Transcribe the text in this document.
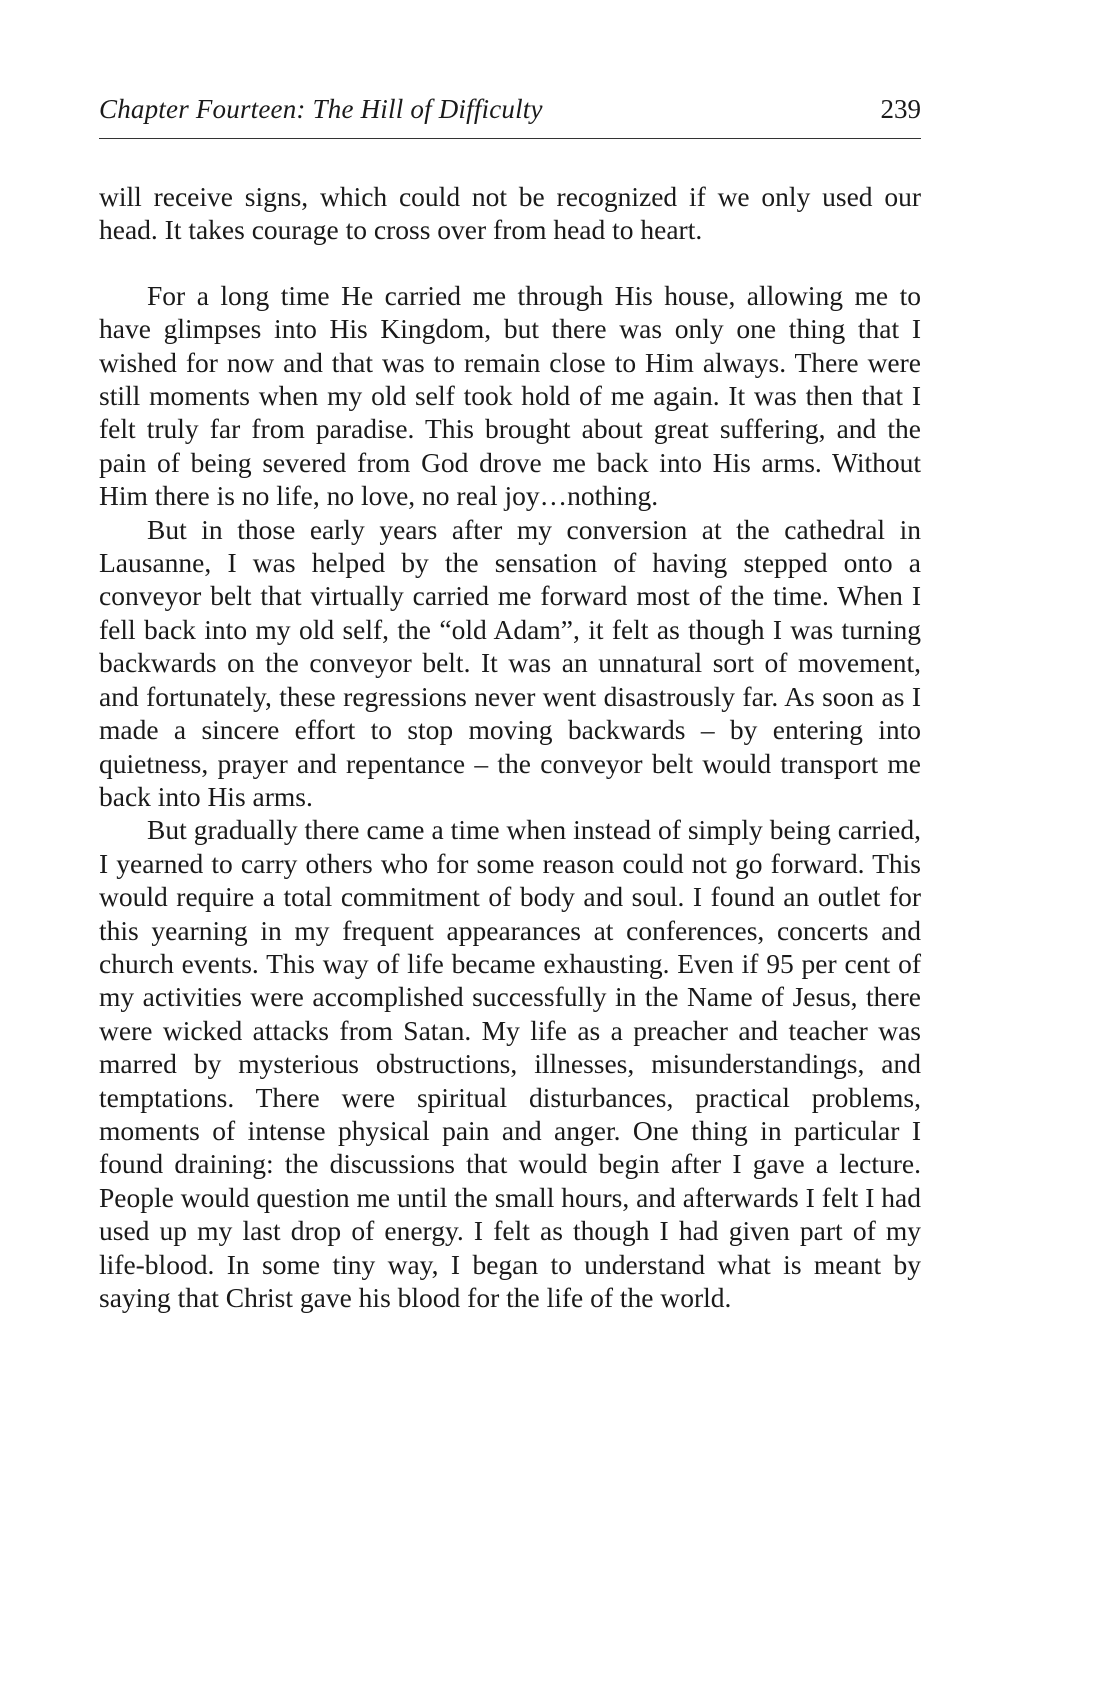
Chapter Fourteen: The Hill of Difficulty	239

will receive signs, which could not be recognized if we only used our head. It takes courage to cross over from head to heart.

For a long time He carried me through His house, allowing me to have glimpses into His Kingdom, but there was only one thing that I wished for now and that was to remain close to Him always. There were still moments when my old self took hold of me again. It was then that I felt truly far from paradise. This brought about great suffering, and the pain of being severed from God drove me back into His arms. Without Him there is no life, no love, no real joy…nothing.

But in those early years after my conversion at the cathedral in Lausanne, I was helped by the sensation of having stepped onto a conveyor belt that virtually carried me forward most of the time. When I fell back into my old self, the “old Adam”, it felt as though I was turning backwards on the conveyor belt. It was an unnatural sort of movement, and fortunately, these regressions never went disastrously far. As soon as I made a sincere effort to stop moving backwards – by entering into quietness, prayer and repentance – the conveyor belt would transport me back into His arms.

But gradually there came a time when instead of simply being carried, I yearned to carry others who for some reason could not go forward. This would require a total commitment of body and soul. I found an outlet for this yearning in my frequent appearances at conferences, concerts and church events. This way of life became exhausting. Even if 95 per cent of my activities were accomplished successfully in the Name of Jesus, there were wicked attacks from Satan. My life as a preacher and teacher was marred by mysterious obstructions, illnesses, misunderstandings, and temptations. There were spiritual disturbances, practical problems, moments of intense physical pain and anger. One thing in particular I found draining: the discussions that would begin after I gave a lecture. People would question me until the small hours, and afterwards I felt I had used up my last drop of energy. I felt as though I had given part of my life-blood. In some tiny way, I began to understand what is meant by saying that Christ gave his blood for the life of the world.
